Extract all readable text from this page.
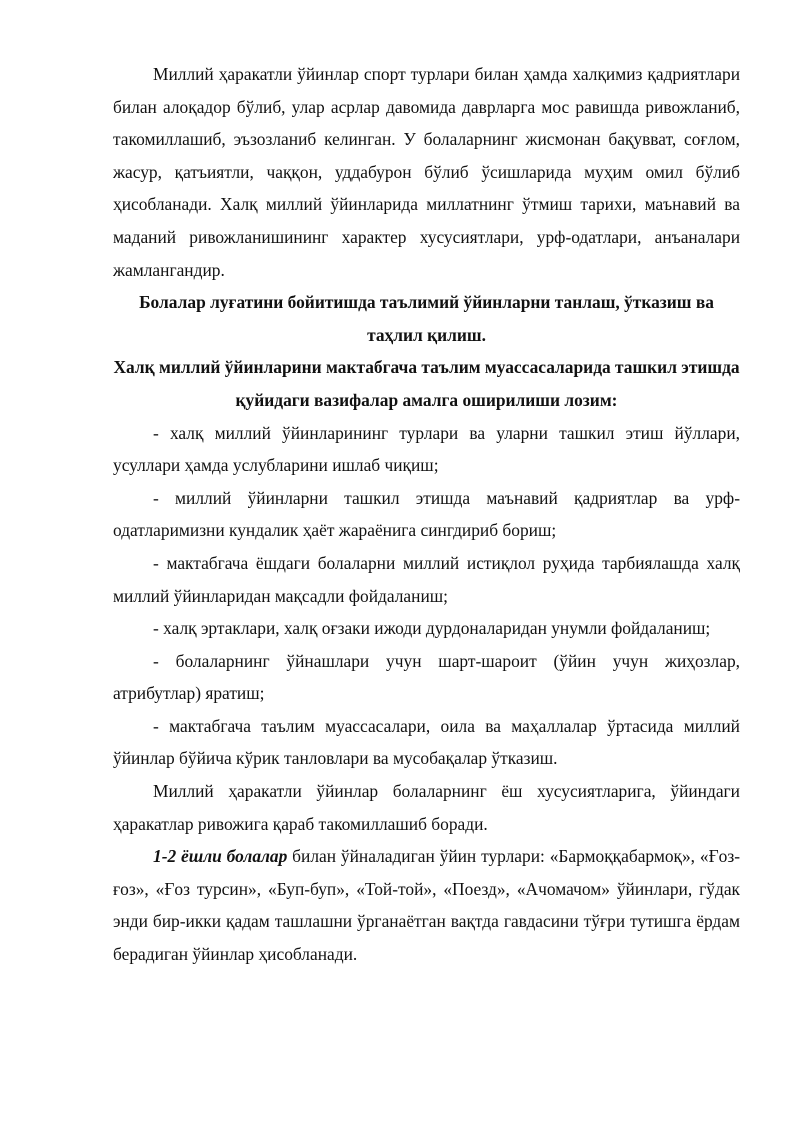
Миллий ҳаракатли ўйинлар спорт турлари билан ҳамда халқимиз қадриятлари билан алоқадор бўлиб, улар асрлар давомида даврларга мос равишда ривожланиб, такомиллашиб, эъзозланиб келинган. У болаларнинг жисмонан бақувват, соғлом, жасур, қатъиятли, чаққон, уддабурон бўлиб ўсишларида муҳим омил бўлиб ҳисобланади. Халқ миллий ўйинларида миллатнинг ўтмиш тарихи, маънавий ва маданий ривожланишининг характер хусусиятлари, урф-одатлари, анъаналари жамлангандир.

Болалар луғатини бойитишда таълимий ўйинларни танлаш, ўтказиш ва таҳлил қилиш.

Халқ миллий ўйинларини мактабгача таълим муассасаларида ташкил этишда қуйидаги вазифалар амалга оширилиши лозим:

- халқ миллий ўйинларининг турлари ва уларни ташкил этиш йўллари, усуллари ҳамда услубларини ишлаб чиқиш;

- миллий ўйинларни ташкил этишда маънавий қадриятлар ва урф-одатларимизни кундалик ҳаёт жараёнига сингдириб бориш;

- мактабгача ёшдаги болаларни миллий истиқлол руҳида тарбиялашда халқ миллий ўйинларидан мақсадли фойдаланиш;

- халқ эртаклари, халқ оғзаки ижоди дурдоналаридан унумли фойдаланиш;

- болаларнинг ўйнашлари учун шарт-шароит (ўйин учун жиҳозлар, атрибутлар) яратиш;

- мактабгача таълим муассасалари, оила ва маҳаллалар ўртасида миллий ўйинлар бўйича кўрик танловлари ва мусобақалар ўтказиш.

Миллий ҳаракатли ўйинлар болаларнинг ёш хусусиятларига, ўйиндаги ҳаракатлар ривожига қараб такомиллашиб боради.

1-2 ёшли болалар билан ўйналадиган ўйин турлари: «Бармоққабармоқ», «Ғоз-ғоз», «Ғоз турсин», «Буп-буп», «Той-той», «Поезд», «Ачомачом» ўйинлари, гўдак энди бир-икки қадам ташлашни ўрганаётган вақтда гавдасини тўғри тутишга ёрдам берадиган ўйинлар ҳисобланади.
